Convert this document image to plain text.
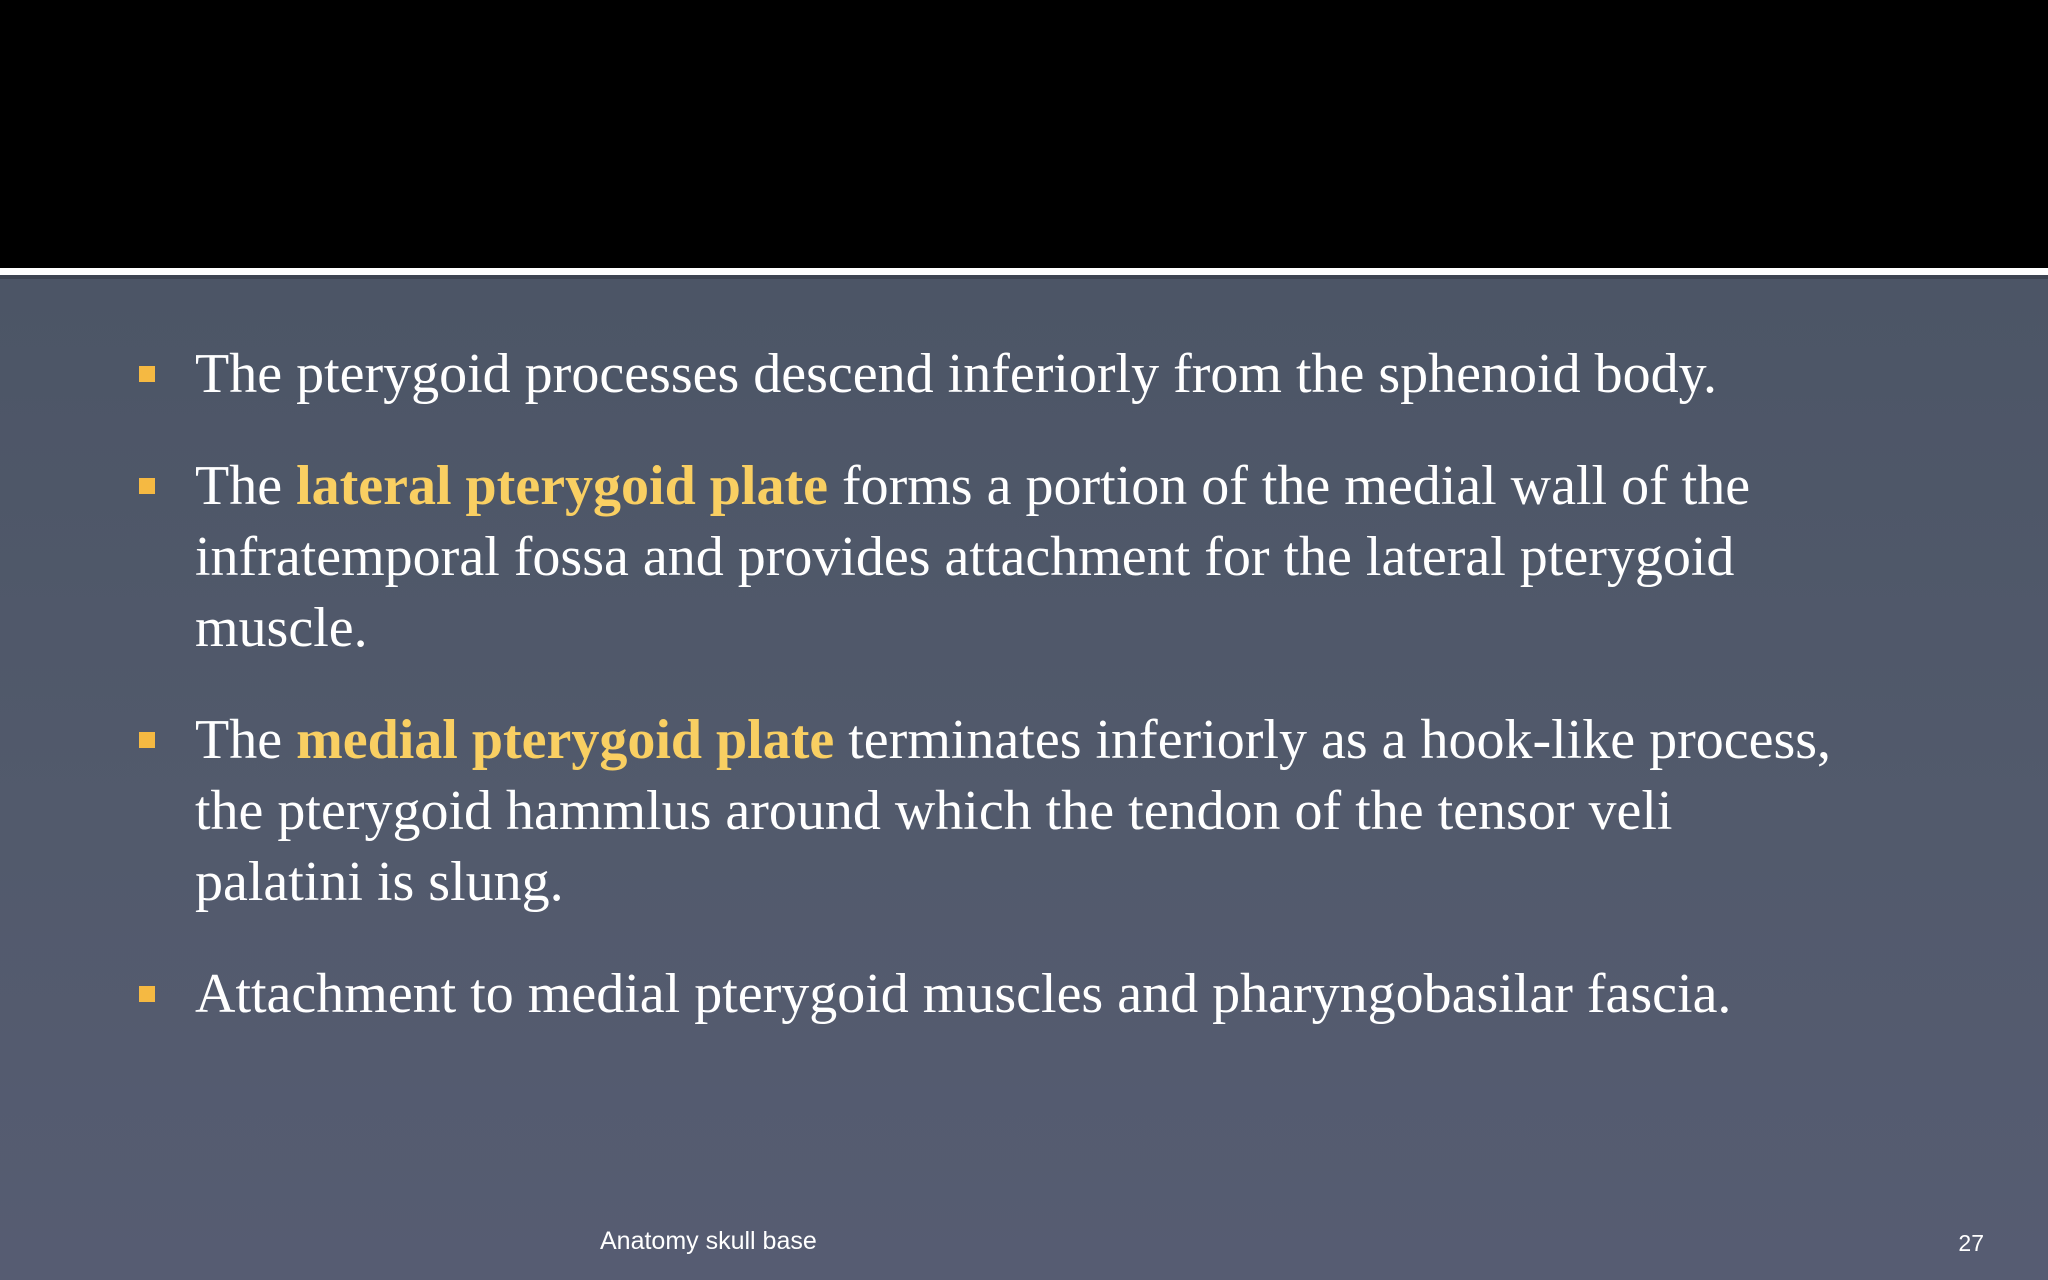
The pterygoid processes descend inferiorly from the sphenoid body.
The lateral pterygoid plate forms a portion of the medial wall of the infratemporal fossa and provides attachment for the lateral pterygoid muscle.
The medial pterygoid plate terminates inferiorly as a hook-like process, the pterygoid hammlus around which the tendon of the tensor veli palatini is slung.
Attachment to medial pterygoid muscles and pharyngobasilar fascia.
Anatomy skull base	27
